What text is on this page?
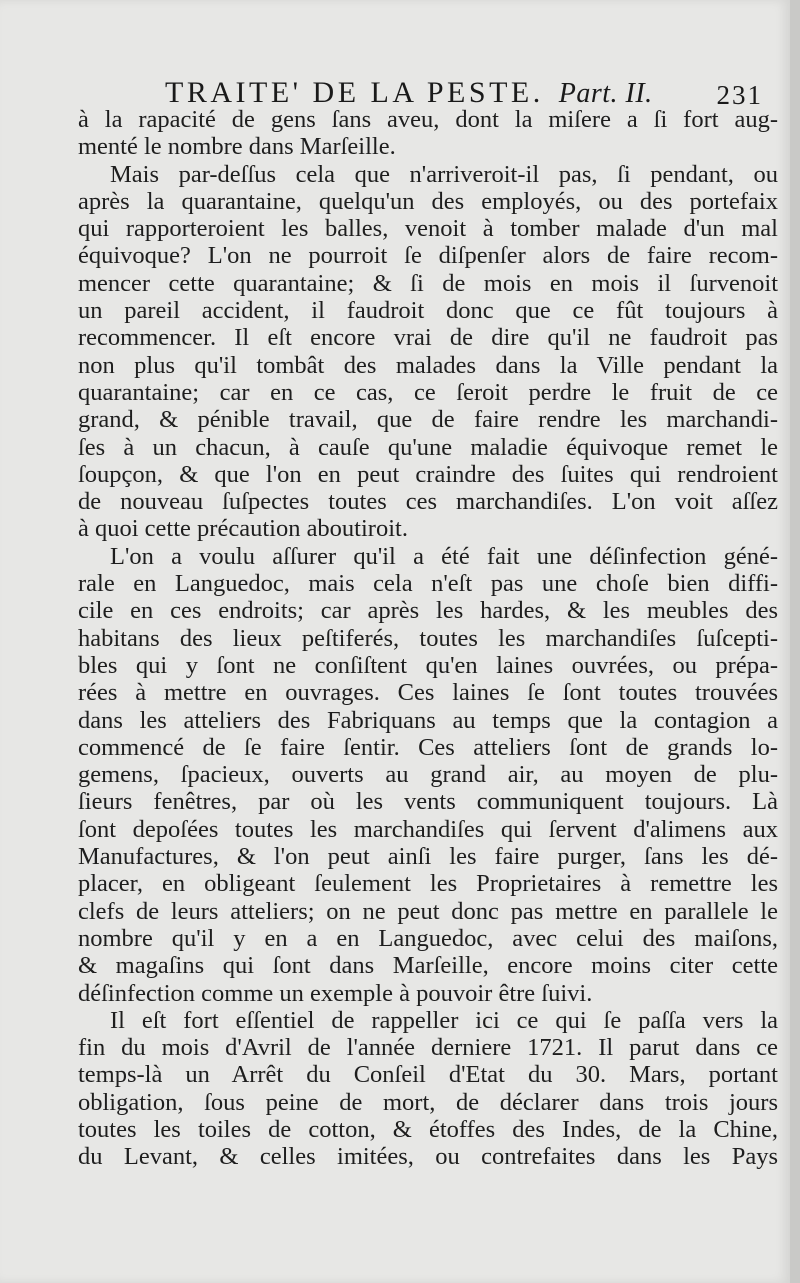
TRAITE' DE LA PESTE. Part. II. 231
à la rapacité de gens ſans aveu, dont la miſere a ſi fort aug-
menté le nombre dans Marſeille.
Mais par-deſſus cela que n'arriveroit-il pas, ſi pendant, ou
après la quarantaine, quelqu'un des employés, ou des portefaix
qui rapporteroient les balles, venoit à tomber malade d'un mal
équivoque? L'on ne pourroit ſe diſpenſer alors de faire recom-
mencer cette quarantaine; & ſi de mois en mois il ſurvenoit
un pareil accident, il faudroit donc que ce fût toujours à
recommencer. Il eſt encore vrai de dire qu'il ne faudroit pas
non plus qu'il tombât des malades dans la Ville pendant la
quarantaine; car en ce cas, ce ſeroit perdre le fruit de ce
grand, & pénible travail, que de faire rendre les marchandi-
ſes à un chacun, à cauſe qu'une maladie équivoque remet le
ſoupçon, & que l'on en peut craindre des ſuites qui rendroient
de nouveau ſuſpectes toutes ces marchandiſes. L'on voit aſſez
à quoi cette précaution aboutiroit.
L'on a voulu aſſurer qu'il a été fait une déſinfection géné-
rale en Languedoc, mais cela n'eſt pas une choſe bien diffi-
cile en ces endroits; car après les hardes, & les meubles des
habitans des lieux peſtiferés, toutes les marchandiſes ſuſcepti-
bles qui y ſont ne conſiſtent qu'en laines ouvrées, ou prépa-
rées à mettre en ouvrages. Ces laines ſe ſont toutes trouvées
dans les atteliers des Fabriquans au temps que la contagion a
commencé de ſe faire ſentir. Ces atteliers ſont de grands lo-
gemens, ſpacieux, ouverts au grand air, au moyen de plu-
ſieurs fenêtres, par où les vents communiquent toujours. Là
ſont depoſées toutes les marchandiſes qui ſervent d'alimens aux
Manufactures, & l'on peut ainſi les faire purger, ſans les dé-
placer, en obligeant ſeulement les Proprietaires à remettre les
clefs de leurs atteliers; on ne peut donc pas mettre en parallele le
nombre qu'il y en a en Languedoc, avec celui des maiſons,
& magaſins qui ſont dans Marſeille, encore moins citer cette
déſinfection comme un exemple à pouvoir être ſuivi.
Il eſt fort eſſentiel de rappeller ici ce qui ſe paſſa vers la
fin du mois d'Avril de l'année derniere 1721. Il parut dans ce
temps-là un Arrêt du Conſeil d'Etat du 30. Mars, portant
obligation, ſous peine de mort, de déclarer dans trois jours
toutes les toiles de cotton, & étoffes des Indes, de la Chine,
du Levant, & celles imitées, ou contrefaites dans les Pays
